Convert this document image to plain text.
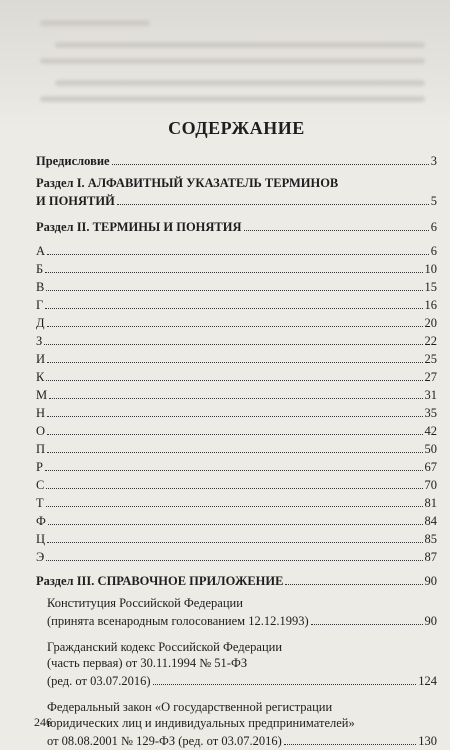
СОДЕРЖАНИЕ
Предисловие	3
Раздел I. АЛФАВИТНЫЙ УКАЗАТЕЛЬ ТЕРМИНОВ
И ПОНЯТИЙ	5
Раздел II. ТЕРМИНЫ И ПОНЯТИЯ	6
А	6
Б	10
В	15
Г	16
Д	20
З	22
И	25
К	27
М	31
Н	35
О	42
П	50
Р	67
С	70
Т	81
Ф	84
Ц	85
Э	87
Раздел III. СПРАВОЧНОЕ ПРИЛОЖЕНИЕ	90
Конституция Российской Федерации
(принята всенародным голосованием 12.12.1993)	90
Гражданский кодекс Российской Федерации
(часть первая) от 30.11.1994 № 51-ФЗ
(ред. от 03.07.2016)	124
Федеральный закон «О государственной регистрации
юридических лиц и индивидуальных предпринимателей»
от 08.08.2001 № 129-ФЗ (ред. от 03.07.2016)	130
246
